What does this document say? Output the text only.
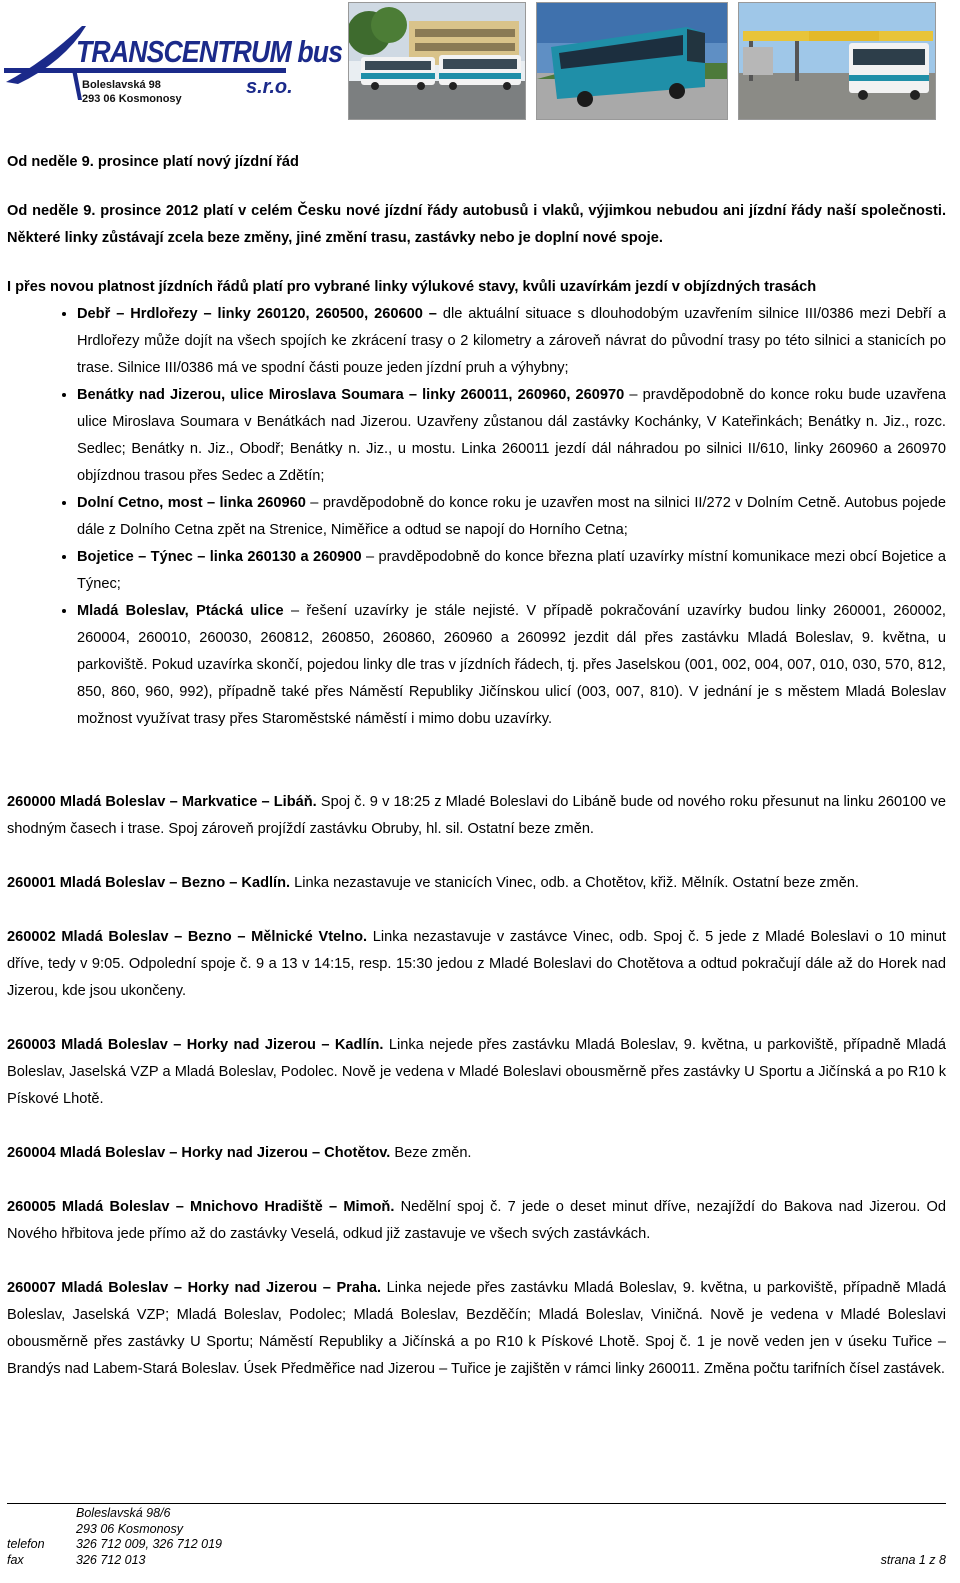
TRANSCENTRUM bus
Boleslavská 98
293 06 Kosmonosy
s.r.o.

Od neděle 9. prosince platí nový jízdní řád

Od neděle 9. prosince 2012 platí v celém Česku nové jízdní řády autobusů i vlaků, výjimkou nebudou ani jízdní řády naší společnosti. Některé linky zůstávají zcela beze změny, jiné změní trasu, zastávky nebo je doplní nové spoje.

I přes novou platnost jízdních řádů platí pro vybrané linky výlukové stavy, kvůli uzavírkám jezdí v objízdných trasách

• Debř – Hrdlořezy – linky 260120, 260500, 260600 – dle aktuální situace s dlouhodobým uzavřením silnice III/0386 mezi Debří a Hrdlořezy může dojít na všech spojích ke zkrácení trasy o 2 kilometry a zároveň návrat do původní trasy po této silnici a stanicích po trase. Silnice III/0386 má ve spodní části pouze jeden jízdní pruh a výhybny;
• Benátky nad Jizerou, ulice Miroslava Soumara – linky 260011, 260960, 260970 – pravděpodobně do konce roku bude uzavřena ulice Miroslava Soumara v Benátkách nad Jizerou. Uzavřeny zůstanou dál zastávky Kochánky, V Kateřinkách; Benátky n. Jiz., rozc. Sedlec; Benátky n. Jiz., Obodř; Benátky n. Jiz., u mostu. Linka 260011 jezdí dál náhradou po silnici II/610, linky 260960 a 260970 objízdnou trasou přes Sedec a Zdětín;
• Dolní Cetno, most – linka 260960 – pravděpodobně do konce roku je uzavřen most na silnici II/272 v Dolním Cetně. Autobus pojede dále z Dolního Cetna zpět na Strenice, Niměřice a odtud se napojí do Horního Cetna;
• Bojetice – Týnec – linka 260130 a 260900 – pravděpodobně do konce března platí uzavírky místní komunikace mezi obcí Bojetice a Týnec;
• Mladá Boleslav, Ptácká ulice – řešení uzavírky je stále nejisté. V případě pokračování uzavírky budou linky 260001, 260002, 260004, 260010, 260030, 260812, 260850, 260860, 260960 a 260992 jezdit dál přes zastávku Mladá Boleslav, 9. května, u parkoviště. Pokud uzavírka skončí, pojedou linky dle tras v jízdních řádech, tj. přes Jaselskou (001, 002, 004, 007, 010, 030, 570, 812, 850, 860, 960, 992), případně také přes Náměstí Republiky Jičínskou ulicí (003, 007, 810). V jednání je s městem Mladá Boleslav možnost využívat trasy přes Staroměstské náměstí i mimo dobu uzavírky.

260000 Mladá Boleslav – Markvatice – Libáň. Spoj č. 9 v 18:25 z Mladé Boleslavi do Libáně bude od nového roku přesunut na linku 260100 ve shodným časech i trase. Spoj zároveň projíždí zastávku Obruby, hl. sil. Ostatní beze změn.

260001 Mladá Boleslav – Bezno – Kadlín. Linka nezastavuje ve stanicích Vinec, odb. a Chotětov, křiž. Mělník. Ostatní beze změn.

260002 Mladá Boleslav – Bezno – Mělnické Vtelno. Linka nezastavuje v zastávce Vinec, odb. Spoj č. 5 jede z Mladé Boleslavi o 10 minut dříve, tedy v 9:05. Odpolední spoje č. 9 a 13 v 14:15, resp. 15:30 jedou z Mladé Boleslavi do Chotětova a odtud pokračují dále až do Horek nad Jizerou, kde jsou ukončeny.

260003 Mladá Boleslav – Horky nad Jizerou – Kadlín. Linka nejede přes zastávku Mladá Boleslav, 9. května, u parkoviště, případně Mladá Boleslav, Jaselská VZP a Mladá Boleslav, Podolec. Nově je vedena v Mladé Boleslavi obousměrně přes zastávky U Sportu a Jičínská a po R10 k Pískové Lhotě.

260004 Mladá Boleslav – Horky nad Jizerou – Chotětov. Beze změn.

260005 Mladá Boleslav – Mnichovo Hradiště – Mimoň. Nedělní spoj č. 7 jede o deset minut dříve, nezajíždí do Bakova nad Jizerou. Od Nového hřbitova jede přímo až do zastávky Veselá, odkud již zastavuje ve všech svých zastávkách.

260007 Mladá Boleslav – Horky nad Jizerou – Praha. Linka nejede přes zastávku Mladá Boleslav, 9. května, u parkoviště, případně Mladá Boleslav, Jaselská VZP; Mladá Boleslav, Podolec; Mladá Boleslav, Bezděčín; Mladá Boleslav, Viničná. Nově je vedena v Mladé Boleslavi obousměrně přes zastávky U Sportu; Náměstí Republiky a Jičínská a po R10 k Pískové Lhotě. Spoj č. 1 je nově veden jen v úseku Tuřice – Brandýs nad Labem-Stará Boleslav. Úsek Předměřice nad Jizerou – Tuřice je zajištěn v rámci linky 260011. Změna počtu tarifních čísel zastávek.

Boleslavská 98/6
293 06 Kosmonosy
telefon	326 712 009, 326 712 019
fax	326 712 013	strana 1 z 8
